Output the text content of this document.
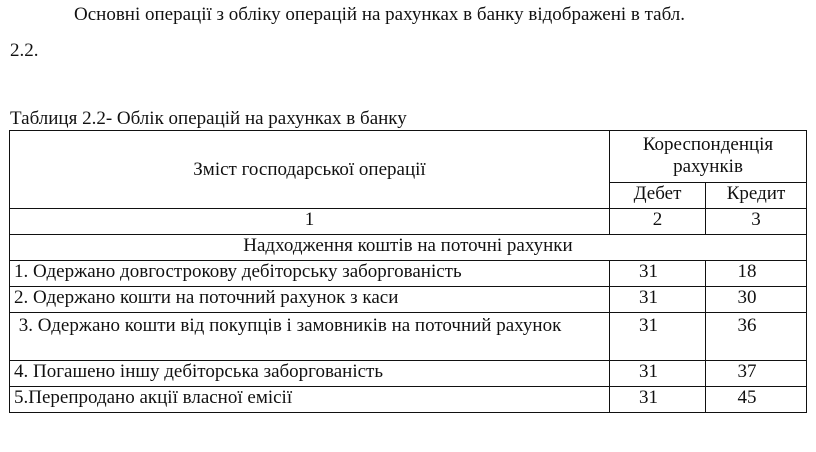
Основні операції з обліку операцій на рахунках в банку відображені в табл.
2.2.
Таблиця 2.2- Облік операцій на рахунках в банку
Зміст господарської операції	Кореспонденція рахунків	
	Дебет	Кредит
1	2	3
Надходження коштів на поточні рахунки		
1. Одержано довгострокову дебіторську заборгованість	31	18
2. Одержано кошти на поточний рахунок з каси	31	30
3. Одержано кошти від покупців і замовників на поточний рахунок	31	36
4. Погашено іншу дебіторська заборгованість	31	37
5.Перепродано акції власної емісії	31	45
